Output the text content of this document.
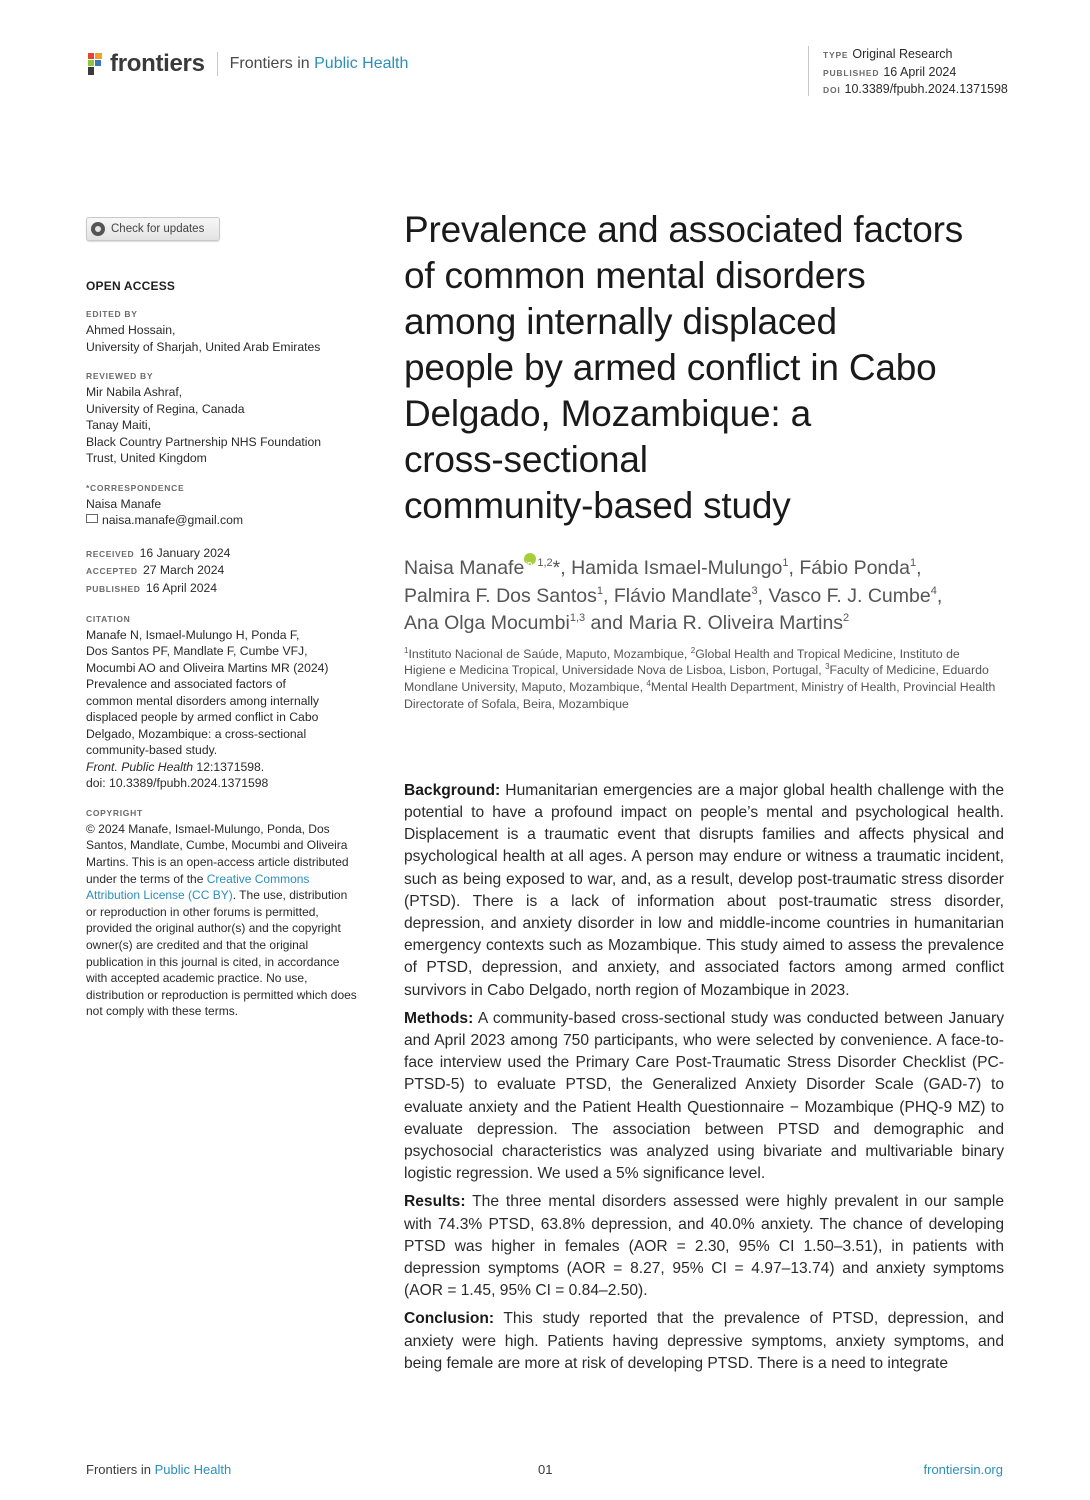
frontiers Frontiers in Public Health	TYPE Original Research
PUBLISHED 16 April 2024
DOI 10.3389/fpubh.2024.1371598
Check for updates
OPEN ACCESS
EDITED BY
Ahmed Hossain,
University of Sharjah, United Arab Emirates
REVIEWED BY
Mir Nabila Ashraf,
University of Regina, Canada
Tanay Maiti,
Black Country Partnership NHS Foundation
Trust, United Kingdom
*CORRESPONDENCE
Naisa Manafe
naisa.manafe@gmail.com
RECEIVED 16 January 2024
ACCEPTED 27 March 2024
PUBLISHED 16 April 2024
CITATION
Manafe N, Ismael-Mulungo H, Ponda F,
Dos Santos PF, Mandlate F, Cumbe VFJ,
Mocumbi AO and Oliveira Martins MR (2024)
Prevalence and associated factors of
common mental disorders among internally
displaced people by armed conflict in Cabo
Delgado, Mozambique: a cross-sectional
community-based study.
Front. Public Health 12:1371598.
doi: 10.3389/fpubh.2024.1371598
COPYRIGHT
© 2024 Manafe, Ismael-Mulungo, Ponda, Dos Santos, Mandlate, Cumbe, Mocumbi and Oliveira Martins. This is an open-access article distributed under the terms of the Creative Commons Attribution License (CC BY). The use, distribution or reproduction in other forums is permitted, provided the original author(s) and the copyright owner(s) are credited and that the original publication in this journal is cited, in accordance with accepted academic practice. No use, distribution or reproduction is permitted which does not comply with these terms.
Prevalence and associated factors
of common mental disorders
among internally displaced
people by armed conflict in Cabo
Delgado, Mozambique: a
cross-sectional
community-based study
Naisa ManafeiD $^{1,2}$*, Hamida Ismael-Mulungo$^1$, Fábio Ponda$^1$,
Palmira F. Dos Santos$^1$, Flávio Mandlate$^3$, Vasco F. J. Cumbe$^4$,
Ana Olga Mocumbi$^{1,3}$ and Maria R. Oliveira Martins$^2$
$^1$Instituto Nacional de Saúde, Maputo, Mozambique, $^2$Global Health and Tropical Medicine, Instituto de Higiene e Medicina Tropical, Universidade Nova de Lisboa, Lisbon, Portugal, $^3$Faculty of Medicine, Eduardo Mondlane University, Maputo, Mozambique, $^4$Mental Health Department, Ministry of Health, Provincial Health Directorate of Sofala, Beira, Mozambique

Background: Humanitarian emergencies are a major global health challenge with the potential to have a profound impact on people’s mental and psychological health. Displacement is a traumatic event that disrupts families and affects physical and psychological health at all ages. A person may endure or witness a traumatic incident, such as being exposed to war, and, as a result, develop post-traumatic stress disorder (PTSD). There is a lack of information about post-traumatic stress disorder, depression, and anxiety disorder in low and middle-income countries in humanitarian emergency contexts such as Mozambique. This study aimed to assess the prevalence of PTSD, depression, and anxiety, and associated factors among armed conflict survivors in Cabo Delgado, north region of Mozambique in 2023.

Methods: A community-based cross-sectional study was conducted between January and April 2023 among 750 participants, who were selected by convenience. A face-to-face interview used the Primary Care Post-Traumatic Stress Disorder Checklist (PC-PTSD-5) to evaluate PTSD, the Generalized Anxiety Disorder Scale (GAD-7) to evaluate anxiety and the Patient Health Questionnaire − Mozambique (PHQ-9 MZ) to evaluate depression. The association between PTSD and demographic and psychosocial characteristics was analyzed using bivariate and multivariable binary logistic regression. We used a 5% significance level.

Results: The three mental disorders assessed were highly prevalent in our sample with 74.3% PTSD, 63.8% depression, and 40.0% anxiety. The chance of developing PTSD was higher in females (AOR = 2.30, 95% CI 1.50–3.51), in patients with depression symptoms (AOR = 8.27, 95% CI = 4.97–13.74) and anxiety symptoms (AOR = 1.45, 95% CI = 0.84–2.50).

Conclusion: This study reported that the prevalence of PTSD, depression, and anxiety were high. Patients having depressive symptoms, anxiety symptoms, and being female are more at risk of developing PTSD. There is a need to integrate

Frontiers in Public Health	01	frontiersin.org
